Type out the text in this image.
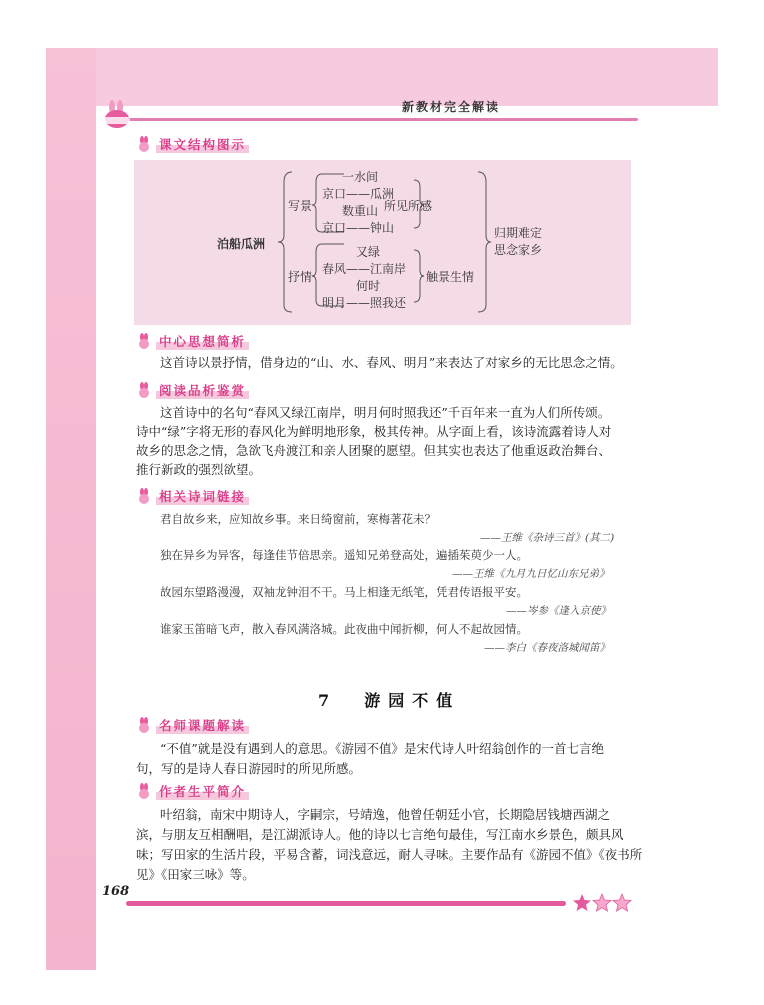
新教材完全解读
课文结构图示
泊船瓜洲
写景
抒情
一水间
京口——瓜洲
数重山
京口——钟山
所见所感
又绿
春风——江南岸
何时
明月——照我还
触景生情
归期难定
思念家乡
中心思想简析
这首诗以景抒情，借身边的“山、水、春风、明月”来表达了对家乡的无比思念之情。
阅读品析鉴赏
这首诗中的名句“春风又绿江南岸，明月何时照我还”千百年来一直为人们所传颂。
诗中“绿”字将无形的春风化为鲜明地形象，极其传神。从字面上看，该诗流露着诗人对
故乡的思念之情，急欲飞舟渡江和亲人团聚的愿望。但其实也表达了他重返政治舞台、
推行新政的强烈欲望。
相关诗词链接
君自故乡来，应知故乡事。来日绮窗前，寒梅著花未？
——王维《杂诗三首》(其二)
独在异乡为异客，每逢佳节倍思亲。遥知兄弟登高处，遍插茱萸少一人。
——王维《九月九日忆山东兄弟》
故园东望路漫漫，双袖龙钟泪不干。马上相逢无纸笔，凭君传语报平安。
——岑参《逢入京使》
谁家玉笛暗飞声，散入春风满洛城。此夜曲中闻折柳，何人不起故园情。
——李白《春夜洛城闻笛》
7 游园不值
名师课题解读
“不值”就是没有遇到人的意思。《游园不值》是宋代诗人叶绍翁创作的一首七言绝
句，写的是诗人春日游园时的所见所感。
作者生平简介
叶绍翁，南宋中期诗人，字嗣宗，号靖逸，他曾任朝廷小官，长期隐居钱塘西湖之
滨，与朋友互相酬唱，是江湖派诗人。他的诗以七言绝句最佳，写江南水乡景色，颇具风
味；写田家的生活片段，平易含蓄，词浅意远，耐人寻味。主要作品有《游园不值》《夜书所
见》《田家三咏》等。
168
